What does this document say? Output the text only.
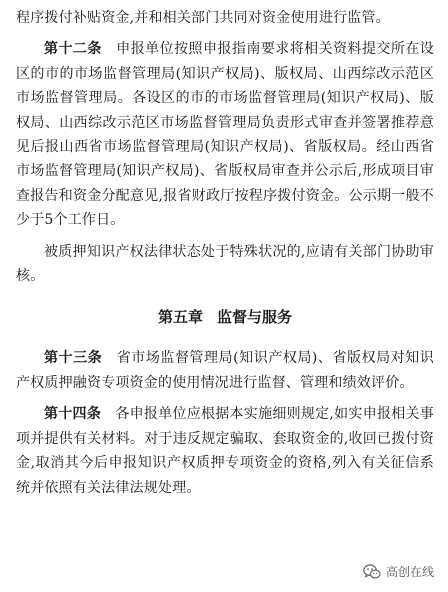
程序拨付补贴资金,并和相关部门共同对资金使用进行监管。

第十二条  申报单位按照申报指南要求将相关资料提交所在设区的市的市场监督管理局(知识产权局)、版权局、山西综改示范区市场监督管理局。各设区的市的市场监督管理局(知识产权局)、版权局、山西综改示范区市场监督管理局负责形式审查并签署推荐意见后报山西省市场监督管理局(知识产权局)、省版权局。经山西省市场监督管理局(知识产权局)、省版权局审查并公示后,形成项目审查报告和资金分配意见,报省财政厅按程序拨付资金。公示期一般不少于5个工作日。

被质押知识产权法律状态处于特殊状况的,应请有关部门协助审核。

第五章 监督与服务

第十三条  省市场监督管理局(知识产权局)、省版权局对知识产权质押融资专项资金的使用情况进行监督、管理和绩效评价。

第十四条  各申报单位应根据本实施细则规定,如实申报相关事项并提供有关材料。对于违反规定骗取、套取资金的,收回已拨付资金,取消其今后申报知识产权质押专项资金的资格,列入有关征信系统并依照有关法律法规处理。

高创在线
